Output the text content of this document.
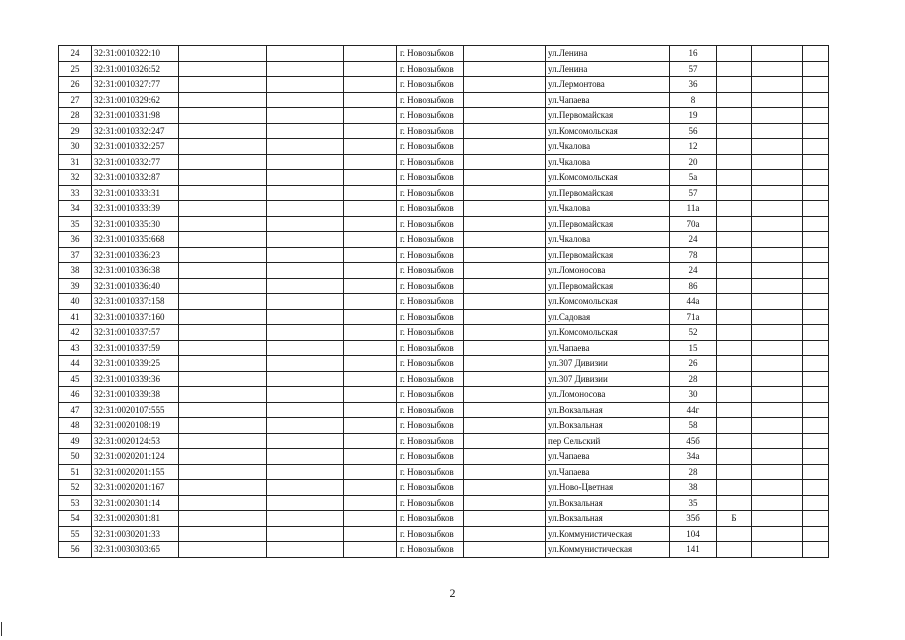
24	32:31:0010322:10				г. Новозыбков		ул.Ленина	16			
25	32:31:0010326:52				г. Новозыбков		ул.Ленина	57			
26	32:31:0010327:77				г. Новозыбков		ул.Лермонтова	36			
27	32:31:0010329:62				г. Новозыбков		ул.Чапаева	8			
28	32:31:0010331:98				г. Новозыбков		ул.Первомайская	19			
29	32:31:0010332:247				г. Новозыбков		ул.Комсомольская	56			
30	32:31:0010332:257				г. Новозыбков		ул.Чкалова	12			
31	32:31:0010332:77				г. Новозыбков		ул.Чкалова	20			
32	32:31:0010332:87				г. Новозыбков		ул.Комсомольская	5а			
33	32:31:0010333:31				г. Новозыбков		ул.Первомайская	57			
34	32:31:0010333:39				г. Новозыбков		ул.Чкалова	11а			
35	32:31:0010335:30				г. Новозыбков		ул.Первомайская	70а			
36	32:31:0010335:668				г. Новозыбков		ул.Чкалова	24			
37	32:31:0010336:23				г. Новозыбков		ул.Первомайская	78			
38	32:31:0010336:38				г. Новозыбков		ул.Ломоносова	24			
39	32:31:0010336:40				г. Новозыбков		ул.Первомайская	86			
40	32:31:0010337:158				г. Новозыбков		ул.Комсомольская	44а			
41	32:31:0010337:160				г. Новозыбков		ул.Садовая	71а			
42	32:31:0010337:57				г. Новозыбков		ул.Комсомольская	52			
43	32:31:0010337:59				г. Новозыбков		ул.Чапаева	15			
44	32:31:0010339:25				г. Новозыбков		ул.307 Дивизии	26			
45	32:31:0010339:36				г. Новозыбков		ул.307 Дивизии	28			
46	32:31:0010339:38				г. Новозыбков		ул.Ломоносова	30			
47	32:31:0020107:555				г. Новозыбков		ул.Вокзальная	44г			
48	32:31:0020108:19				г. Новозыбков		ул.Вокзальная	58			
49	32:31:0020124:53				г. Новозыбков		пер Сельский	45б			
50	32:31:0020201:124				г. Новозыбков		ул.Чапаева	34а			
51	32:31:0020201:155				г. Новозыбков		ул.Чапаева	28			
52	32:31:0020201:167				г. Новозыбков		ул.Ново-Цветная	38			
53	32:31:0020301:14				г. Новозыбков		ул.Вокзальная	35			
54	32:31:0020301:81				г. Новозыбков		ул.Вокзальная	35б	Б		
55	32:31:0030201:33				г. Новозыбков		ул.Коммунистическая	104			
56	32:31:0030303:65				г. Новозыбков		ул.Коммунистическая	141			
2
